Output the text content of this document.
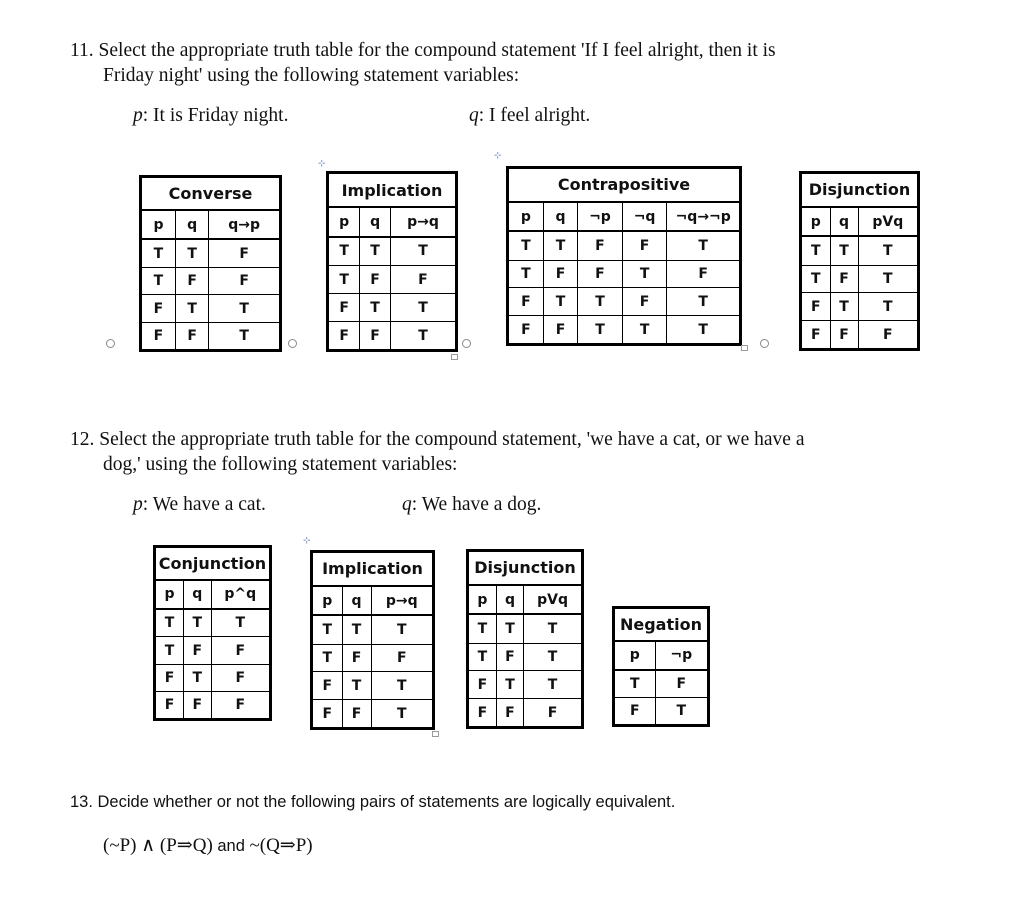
11. Select the appropriate truth table for the compound statement 'If I feel alright, then it is
Friday night' using the following statement variables:
p: It is Friday night.	q: I feel alright.
⊹
⊹
Converse		
p	q	q→p
T	T	F
T	F	F
F	T	T
F	F	T
Implication		
p	q	p→q
T	T	T
T	F	F
F	T	T
F	F	T
Contrapositive				
p	q	¬p	¬q	¬q→¬p
T	T	F	F	T
T	F	F	T	F
F	T	T	F	T
F	F	T	T	T
Disjunction		
p	q	pVq
T	T	T
T	F	T
F	T	T
F	F	F
12. Select the appropriate truth table for the compound statement, 'we have a cat, or we have a
dog,' using the following statement variables:
p: We have a cat.	q: We have a dog.
⊹
Conjunction		
p	q	p^q
T	T	T
T	F	F
F	T	F
F	F	F
Implication		
p	q	p→q
T	T	T
T	F	F
F	T	T
F	F	T
Disjunction		
p	q	pVq
T	T	T
T	F	T
F	T	T
F	F	F
Negation	
p	¬p
T	F
F	T
13. Decide whether or not the following pairs of statements are logically equivalent.
(~P) ∧ (P⇒Q) and ~(Q⇒P)
